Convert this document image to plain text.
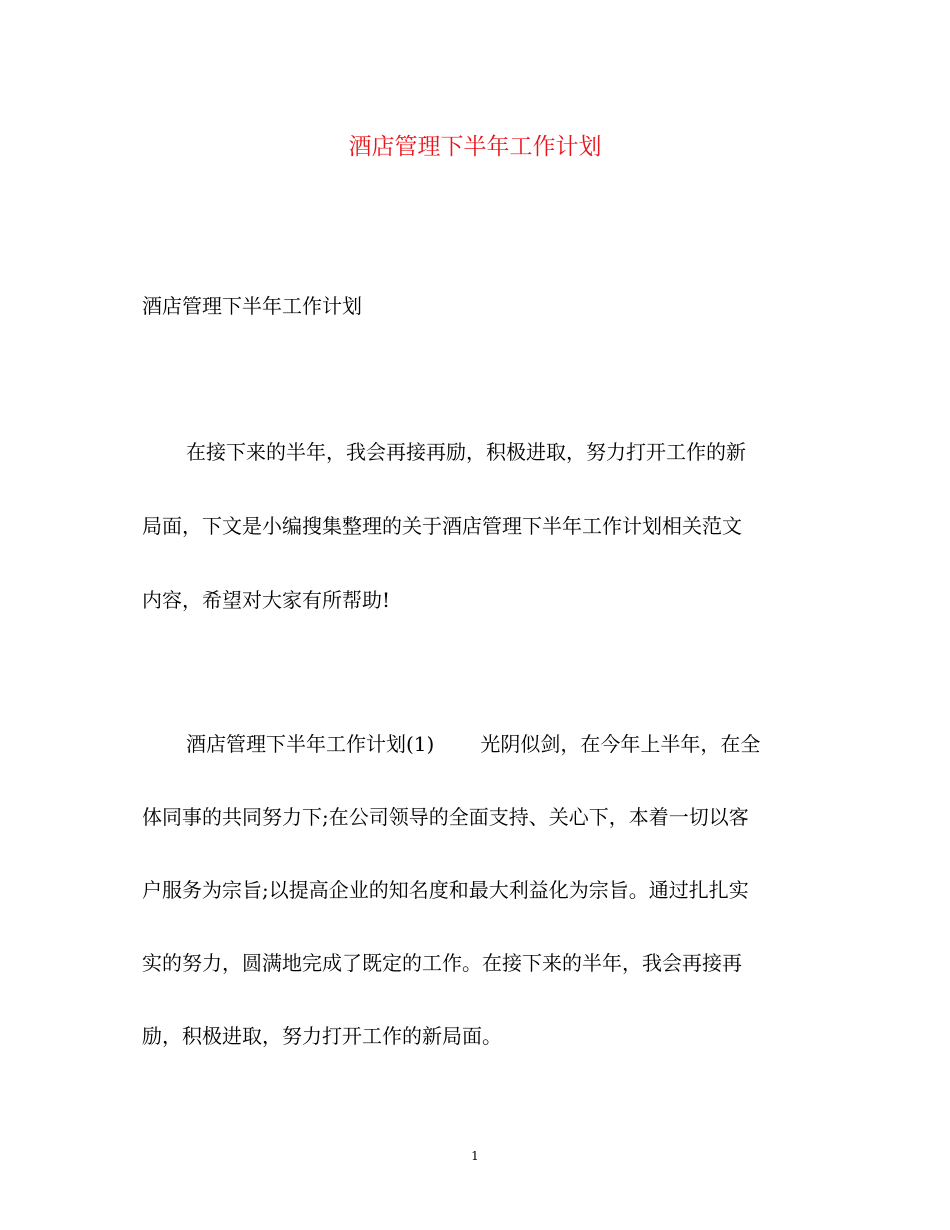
酒店管理下半年工作计划
酒店管理下半年工作计划
在接下来的半年，我会再接再励，积极进取，努力打开工作的新
局面，下文是小编搜集整理的关于酒店管理下半年工作计划相关范文
内容，希望对大家有所帮助!
酒店管理下半年工作计划(1) 光阴似剑，在今年上半年，在全
体同事的共同努力下;在公司领导的全面支持、关心下，本着一切以客
户服务为宗旨;以提高企业的知名度和最大利益化为宗旨。通过扎扎实
实的努力，圆满地完成了既定的工作。在接下来的半年，我会再接再
励，积极进取，努力打开工作的新局面。
1
